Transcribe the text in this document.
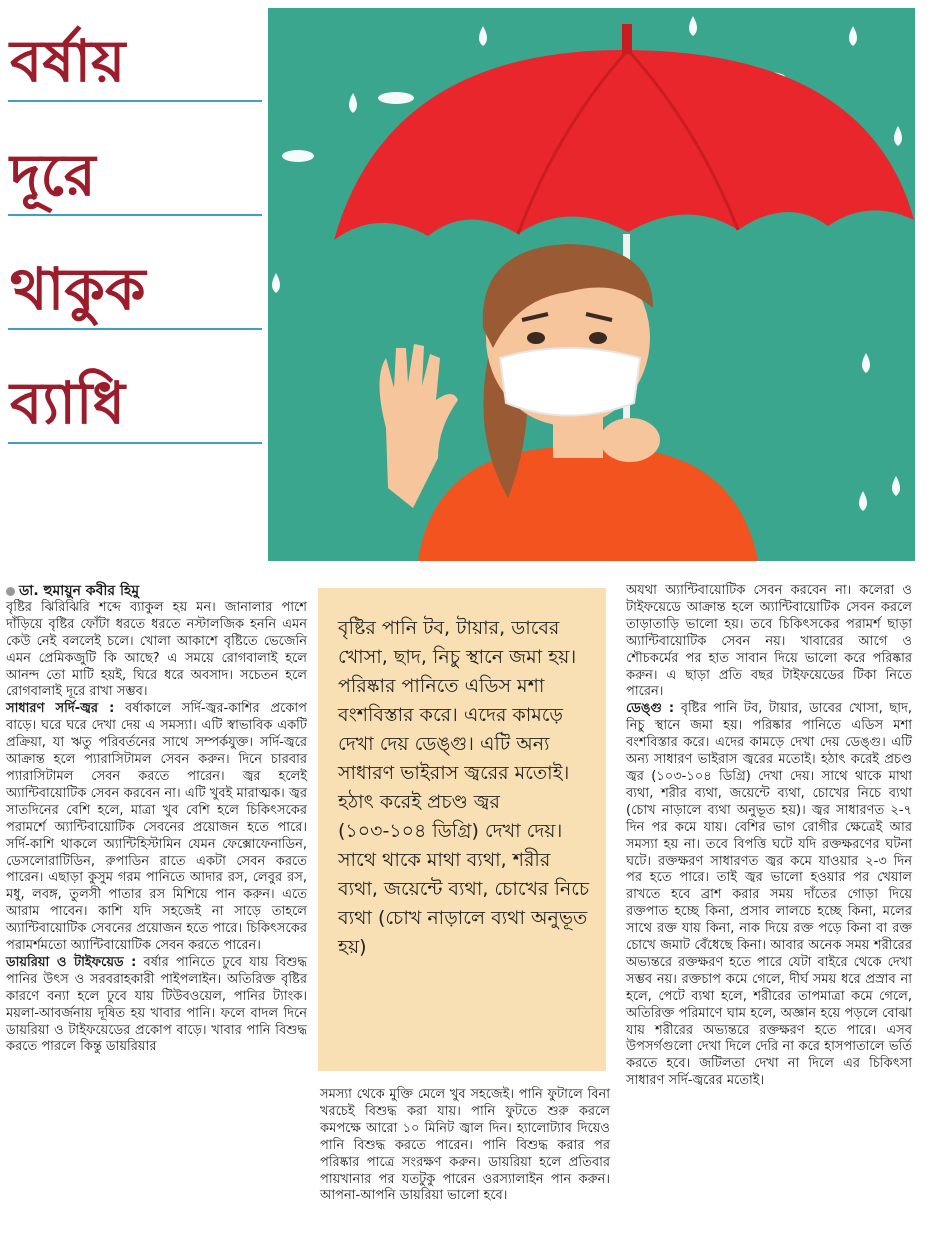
বর্ষায়
দূরে
থাকুক
ব্যাধি
ডা. হুমায়ুন কবীর হিমু

বৃষ্টির ঝিরিঝিরি শব্দে ব্যাকুল হয় মন। জানালার পাশে দাঁড়িয়ে বৃষ্টির ফোঁটা ধরতে ধরতে নস্টালজিক হননি এমন কেউ নেই বললেই চলে। খোলা আকাশে বৃষ্টিতে ভেজেনি এমন প্রেমিকজুটি কি আছে? এ সময়ে রোগবালাই হলে আনন্দ তো মাটি হয়ই, ঘিরে ধরে অবসাদ। সচেতন হলে রোগবালাই দূরে রাখা সম্ভব।

সাধারণ সর্দি-জ্বর : বর্ষাকালে সর্দি-জ্বর-কাশির প্রকোপ বাড়ে। ঘরে ঘরে দেখা দেয় এ সমস্যা। এটি স্বাভাবিক একটি প্রক্রিয়া, যা ঋতু পরিবর্তনের সাথে সম্পর্কযুক্ত। সর্দি-জ্বরে আক্রান্ত হলে প্যারাসিটামল সেবন করুন। দিনে চারবার প্যারাসিটামল সেবন করতে পারেন। জ্বর হলেই অ্যান্টিবায়োটিক সেবন করবেন না। এটি খুবই মারাত্মক। জ্বর সাতদিনের বেশি হলে, মাত্রা খুব বেশি হলে চিকিৎসকের পরামর্শে অ্যান্টিবায়োটিক সেবনের প্রয়োজন হতে পারে। সর্দি-কাশি থাকলে অ্যান্টিহিস্টামিন যেমন ফেক্সোফেনাডিন, ডেসলোরাটিডিন, রুপাডিন রাতে একটা সেবন করতে পারেন। এছাড়া কুসুম গরম পানিতে আদার রস, লেবুর রস, মধু, লবঙ্গ, তুলসী পাতার রস মিশিয়ে পান করুন। এতে আরাম পাবেন। কাশি যদি সহজেই না সাড়ে তাহলে অ্যান্টিবায়োটিক সেবনের প্রয়োজন হতে পারে। চিকিৎসকের পরামর্শমতো অ্যান্টিবায়োটিক সেবন করতে পারেন।

ডায়রিয়া ও টাইফয়েড : বর্ষার পানিতে ঢুবে যায় বিশুদ্ধ পানির উৎস ও সরবরাহকারী পাইপলাইন। অতিরিক্ত বৃষ্টির কারণে বন্যা হলে ঢুবে যায় টিউবওয়েল, পানির ট্যাংক। ময়লা-আবর্জনায় দূষিত হয় খাবার পানি। ফলে বাদল দিনে ডায়রিয়া ও টাইফয়েডের প্রকোপ বাড়ে। খাবার পানি বিশুদ্ধ করতে পারলে কিন্তু ডায়রিয়ার

বৃষ্টির পানি টব, টায়ার, ডাবের খোসা, ছাদ, নিচু স্থানে জমা হয়। পরিষ্কার পানিতে এডিস মশা বংশবিস্তার করে। এদের কামড়ে দেখা দেয় ডেঙ্গু। এটি অন্য সাধারণ ভাইরাস জ্বরের মতোই। হঠাৎ করেই প্রচণ্ড জ্বর (১০৩-১০৪ ডিগ্রি) দেখা দেয়। সাথে থাকে মাথা ব্যথা, শরীর ব্যথা, জয়েন্টে ব্যথা, চোখের নিচে ব্যথা (চোখ নাড়ালে ব্যথা অনুভূত হয়)

সমস্যা থেকে মুক্তি মেলে খুব সহজেই। পানি ফুটালে বিনা খরচেই বিশুদ্ধ করা যায়। পানি ফুটতে শুরু করলে কমপক্ষে আরো ১০ মিনিট জ্বাল দিন। হ্যালোট্যাব দিয়েও পানি বিশুদ্ধ করতে পারেন। পানি বিশুদ্ধ করার পর পরিষ্কার পাত্রে সংরক্ষণ করুন। ডায়রিয়া হলে প্রতিবার পায়খানার পর যতটুকু পারেন ওরস্যালাইন পান করুন। আপনা-আপনি ডায়রিয়া ভালো হবে।

অযথা অ্যান্টিবায়োটিক সেবন করবেন না। কলেরা ও টাইফয়েডে আক্রান্ত হলে অ্যান্টিবায়োটিক সেবন করলে তাড়াতাড়ি ভালো হয়। তবে চিকিৎসকের পরামর্শ ছাড়া অ্যান্টিবায়োটিক সেবন নয়। খাবারের আগে ও শৌচকর্মের পর হাত সাবান দিয়ে ভালো করে পরিষ্কার করুন। এ ছাড়া প্রতি বছর টাইফয়েডের টিকা নিতে পারেন।

ডেঙ্গু : বৃষ্টির পানি টব, টায়ার, ডাবের খোসা, ছাদ, নিচু স্থানে জমা হয়। পরিষ্কার পানিতে এডিস মশা বংশবিস্তার করে। এদের কামড়ে দেখা দেয় ডেঙ্গু। এটি অন্য সাধারণ ভাইরাস জ্বরের মতোই। হঠাৎ করেই প্রচণ্ড জ্বর (১০৩-১০৪ ডিগ্রি) দেখা দেয়। সাথে থাকে মাথা ব্যথা, শরীর ব্যথা, জয়েন্টে ব্যথা, চোখের নিচে ব্যথা (চোখ নাড়ালে ব্যথা অনুভূত হয়)। জ্বর সাধারণত ২-৭ দিন পর কমে যায়। বেশির ভাগ রোগীর ক্ষেত্রেই আর সমস্যা হয় না। তবে বিপত্তি ঘটে যদি রক্তক্ষরণের ঘটনা ঘটে। রক্তক্ষরণ সাধারণত জ্বর কমে যাওয়ার ২-৩ দিন পর হতে পারে। তাই জ্বর ভালো হওয়ার পর খেয়াল রাখতে হবে ব্রাশ করার সময় দাঁতের গোড়া দিয়ে রক্তপাত হচ্ছে কিনা, প্রসাব লালচে হচ্ছে কিনা, মলের সাথে রক্ত যায় কিনা, নাক দিয়ে রক্ত পড়ে কিনা বা রক্ত চোখে জমাট বেঁধেছে কিনা। আবার অনেক সময় শরীরের অভ্যন্তরে রক্তক্ষরণ হতে পারে যেটা বাইরে থেকে দেখা সম্ভব নয়। রক্তচাপ কমে গেলে, দীর্ঘ সময় ধরে প্রস্রাব না হলে, পেটে ব্যথা হলে, শরীরের তাপমাত্রা কমে গেলে, অতিরিক্ত পরিমাণে ঘাম হলে, অজ্ঞান হয়ে পড়লে বোঝা যায় শরীরের অভ্যন্তরে রক্তক্ষরণ হতে পারে। এসব উপসর্গগুলো দেখা দিলে দেরি না করে হাসপাতালে ভর্তি করতে হবে। জটিলতা দেখা না দিলে এর চিকিৎসা সাধারণ সর্দি-জ্বরের মতোই।
